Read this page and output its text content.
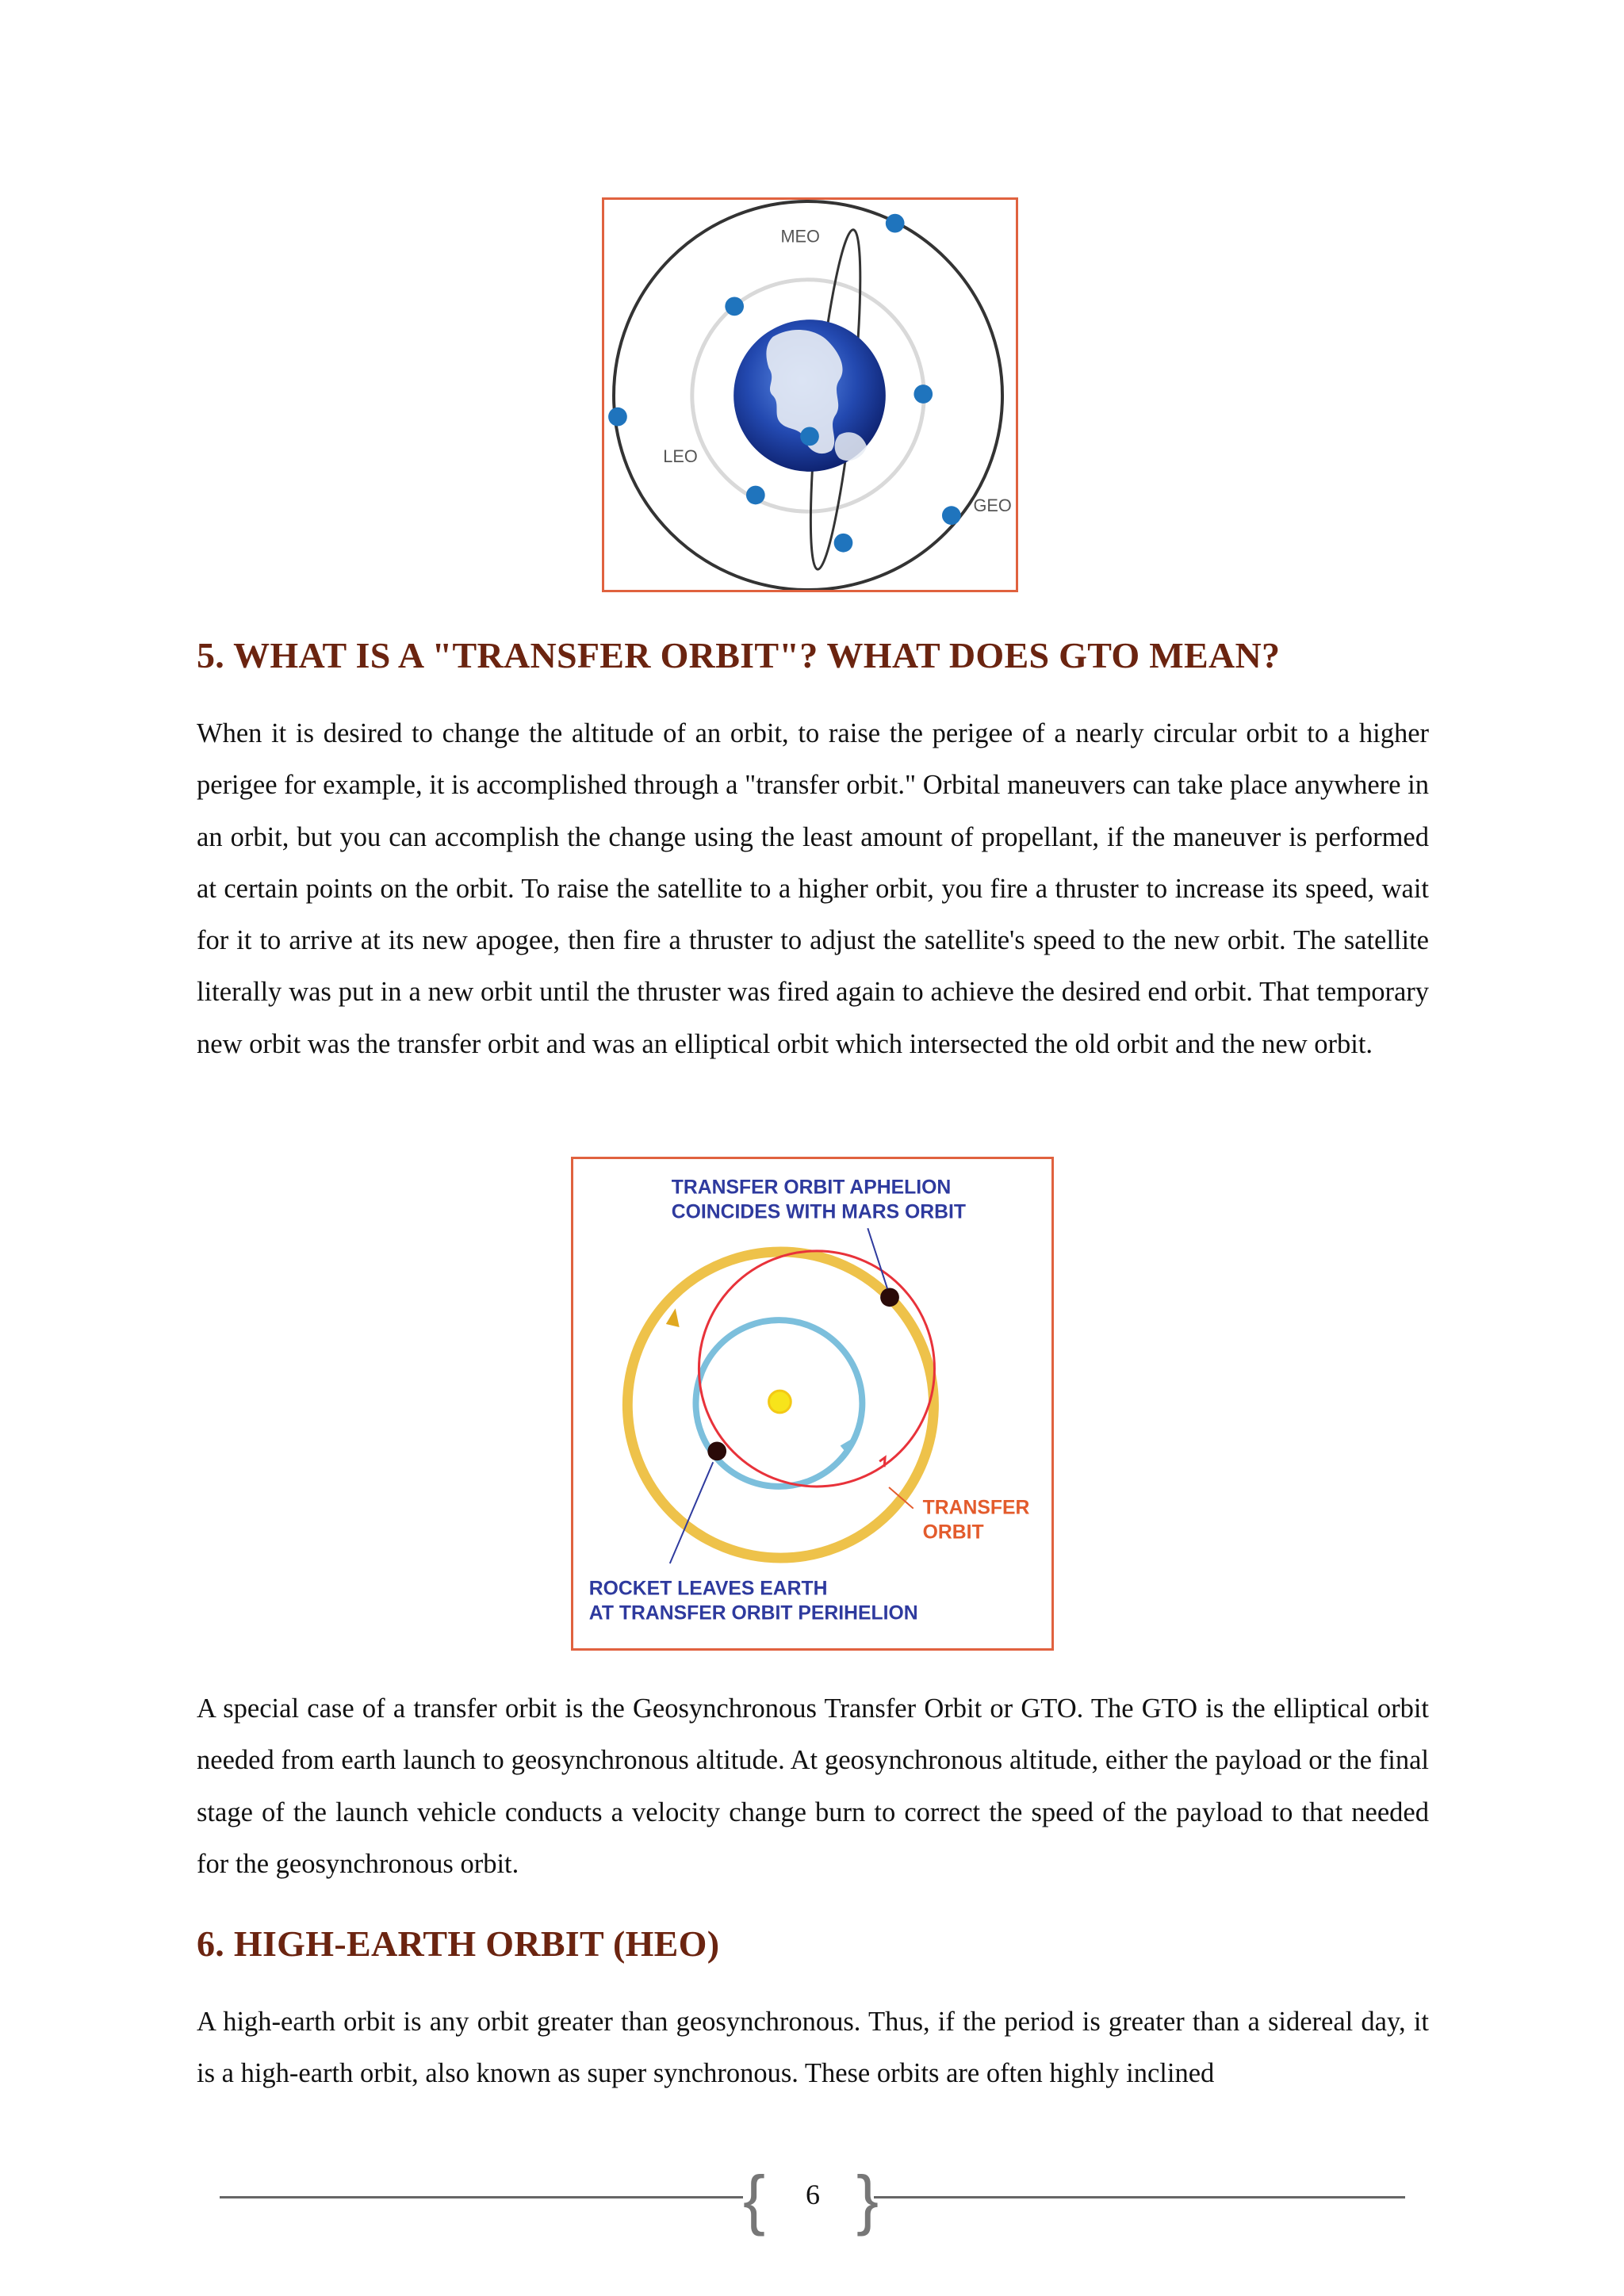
MEO
LEO
GEO
5. WHAT IS A "TRANSFER ORBIT"? WHAT DOES GTO MEAN?

When it is desired to change the altitude of an orbit, to raise the perigee of a nearly circular orbit to a higher perigee for example, it is accomplished through a "transfer orbit." Orbital maneuvers can take place anywhere in an orbit, but you can accomplish the change using the least amount of propellant, if the maneuver is performed at certain points on the orbit. To raise the satellite to a higher orbit, you fire a thruster to increase its speed, wait for it to arrive at its new apogee, then fire a thruster to adjust the satellite's speed to the new orbit. The satellite literally was put in a new orbit until the thruster was fired again to achieve the desired end orbit. That temporary new orbit was the transfer orbit and was an elliptical orbit which intersected the old orbit and the new orbit.

TRANSFER ORBIT APHELION
COINCIDES WITH MARS ORBIT
TRANSFER
ORBIT
ROCKET LEAVES EARTH
AT TRANSFER ORBIT PERIHELION

A special case of a transfer orbit is the Geosynchronous Transfer Orbit or GTO. The GTO is the elliptical orbit needed from earth launch to geosynchronous altitude. At geosynchronous altitude, either the payload or the final stage of the launch vehicle conducts a velocity change burn to correct the speed of the payload to that needed for the geosynchronous orbit.

6. HIGH-EARTH ORBIT (HEO)

A high-earth orbit is any orbit greater than geosynchronous. Thus, if the period is greater than a sidereal day, it is a high-earth orbit, also known as super synchronous. These orbits are often highly inclined

{ }
6
